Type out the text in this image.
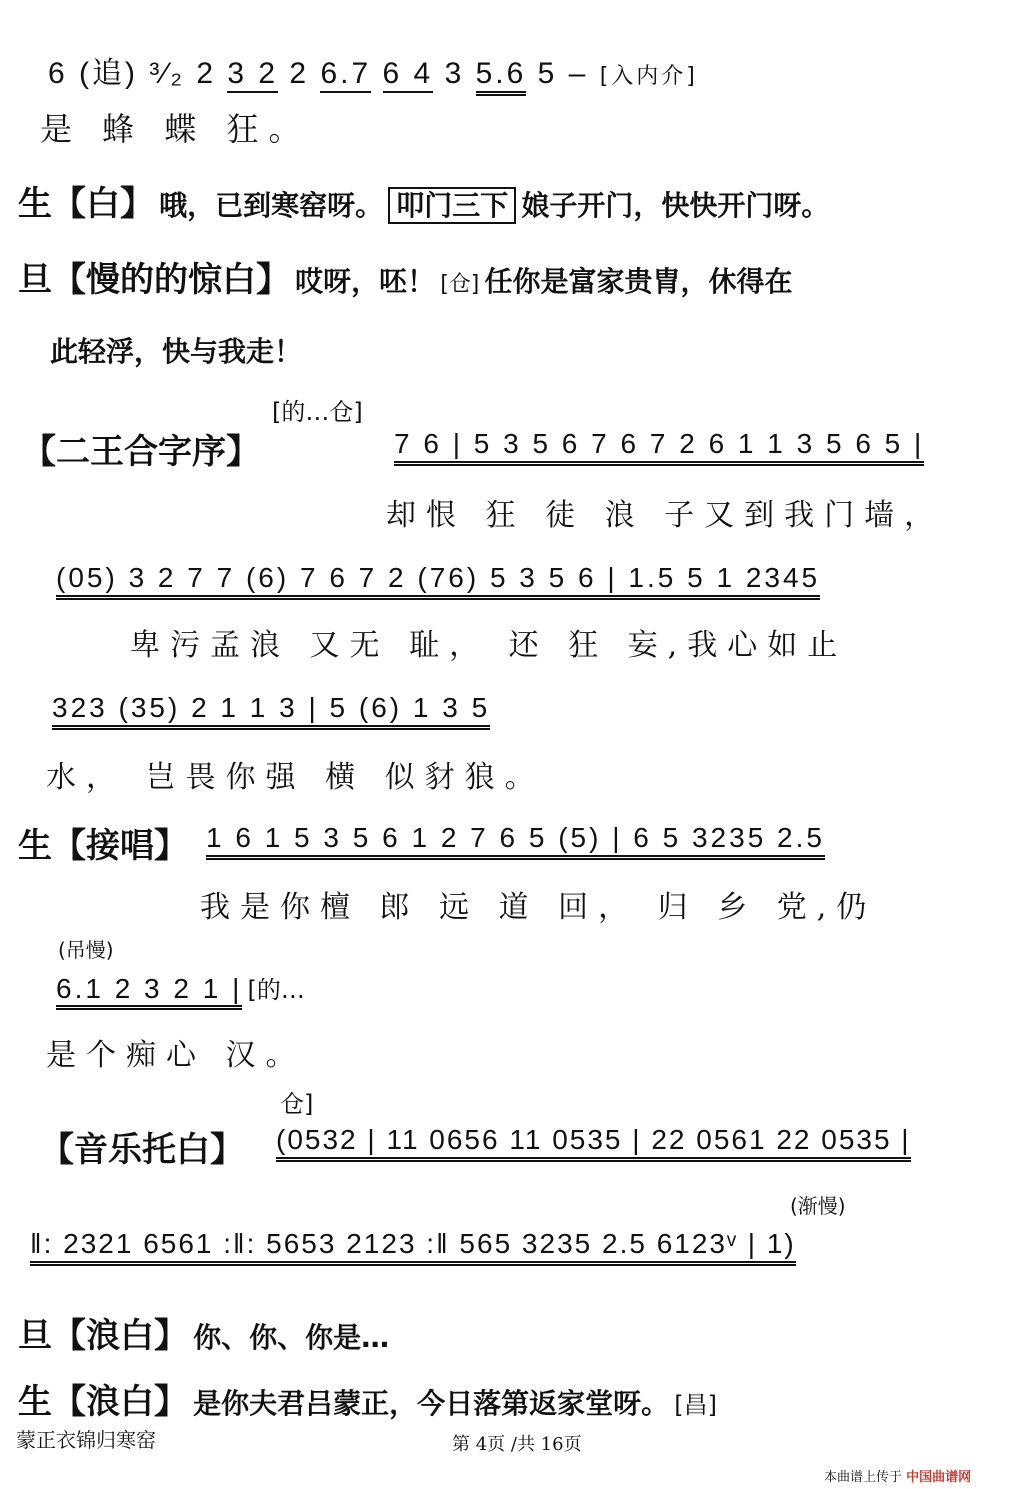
6 (追) ³⁄₂ 2 3 2 2 6.7 6 4 3 5.6 5 – [入内介]
是 蜂 蝶 狂。
生【白】 哦，已到寒窑呀。 叩门三下 娘子开门，快快开门呀。
旦【慢的的惊白】 哎呀，呸！ [仓] 任你是富家贵胄，休得在
此轻浮，快与我走！
[的…仓]
【二王合字序】	7 6 | 5 3 5 6 7 6 7 2 6 1 1 3 5 6 5 |
却恨 狂 徒 浪 子又到我门墙，
(05) 3 2 7 7 (6) 7 6 7 2 (76) 5 3 5 6 | 1.5 5 1 2345
卑污孟浪 又无 耻， 还 狂 妄,我心如止
323 (35) 2 1 1 3 | 5 (6) 1 3 5
水， 岂畏你强 横 似豺狼。
生【接唱】 1 6 1 5 3 5 6 1 2 7 6 5 (5) | 6 5 3235 2.5
我是你檀 郎 远 道 回， 归 乡 党,仍
(吊慢)
6.1 2 3 2 1 | [的…
是个痴心 汉。
仓]
【音乐托白】 (0532 | 11 0656 11 0535 | 22 0561 22 0535 |
(渐慢)
‖: 2321 6561 :‖: 5653 2123 :‖ 565 3235 2.5 6123ᵛ | 1)
旦【浪白】 你、你、你是…
生【浪白】 是你夫君吕蒙正，今日落第返家堂呀。 [昌]
蒙正衣锦归寒窑	第 4页 /共 16页
本曲谱上传于 中国曲谱网
